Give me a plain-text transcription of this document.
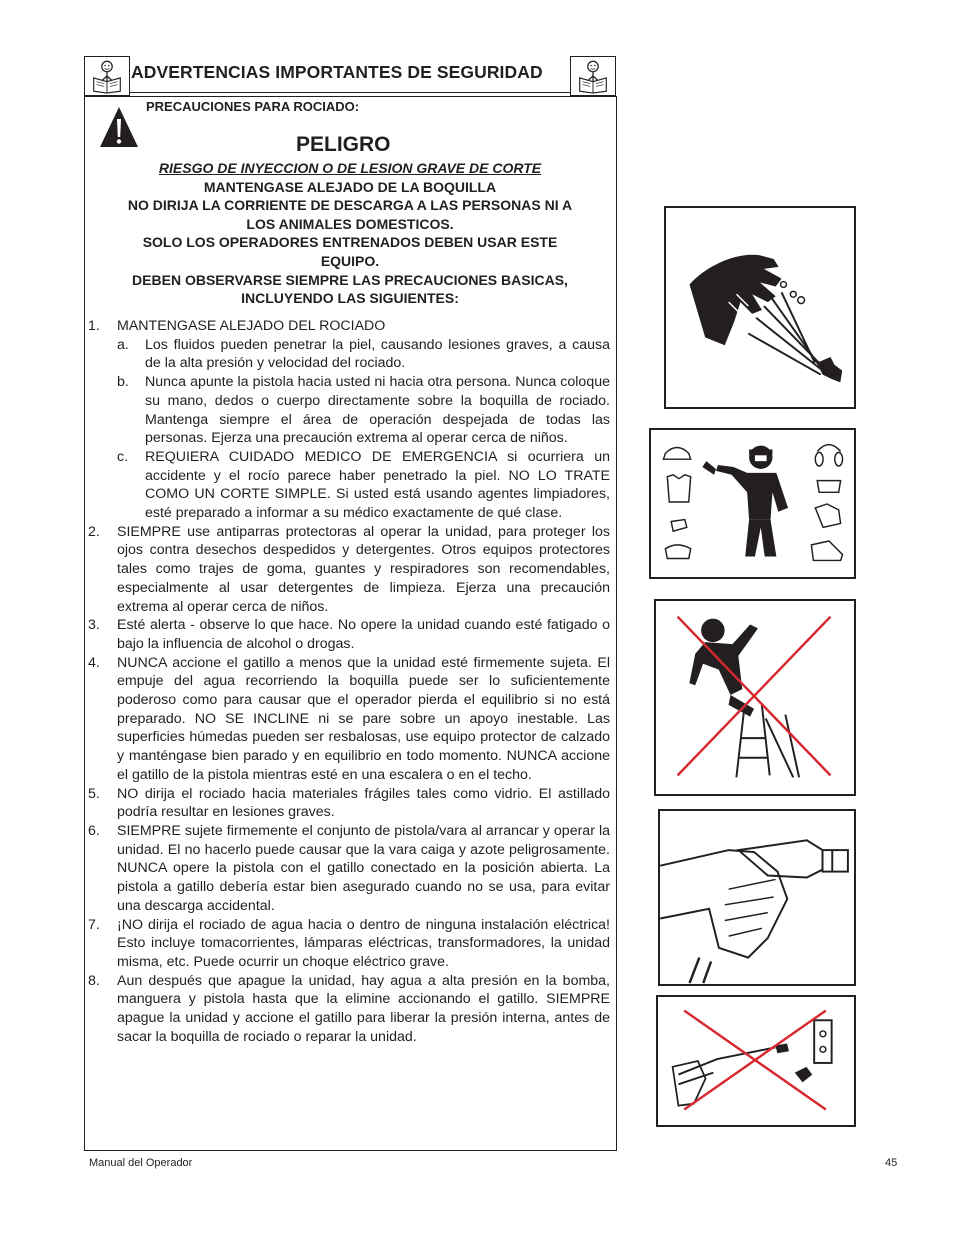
ADVERTENCIAS IMPORTANTES DE SEGURIDAD
PRECAUCIONES PARA ROCIADO:
PELIGRO
RIESGO DE INYECCION O DE LESION GRAVE DE CORTE
MANTENGASE ALEJADO DE LA BOQUILLA
NO DIRIJA LA CORRIENTE DE DESCARGA A LAS PERSONAS NI A
LOS ANIMALES DOMESTICOS.
SOLO LOS OPERADORES ENTRENADOS DEBEN USAR ESTE
EQUIPO.
DEBEN OBSERVARSE SIEMPRE LAS PRECAUCIONES BASICAS,
INCLUYENDO LAS SIGUIENTES:
1.	MANTENGASE ALEJADO DEL ROCIADO
a.	Los fluidos pueden penetrar la piel, causando lesiones graves, a causa de la alta presión y velocidad del rociado.
b.	Nunca apunte la pistola hacia usted ni hacia otra persona. Nunca coloque su mano, dedos o cuerpo directamente sobre la boquilla de rociado. Mantenga siempre el área de operación despejada de todas las personas. Ejerza una precaución extrema al operar cerca de niños.
c.	REQUIERA CUIDADO MEDICO DE EMERGENCIA si ocurriera un accidente y el rocío parece haber penetrado la piel. NO LO TRATE COMO UN CORTE SIMPLE. Si usted está usando agentes limpiadores, esté preparado a informar a su médico exactamente de qué clase.
2.	SIEMPRE use antiparras protectoras al operar la unidad, para proteger los ojos contra desechos despedidos y detergentes. Otros equipos protectores tales como trajes de goma, guantes y respiradores son recomendables, especialmente al usar detergentes de limpieza. Ejerza una precaución extrema al operar cerca de niños.
3.	Esté alerta - observe lo que hace. No opere la unidad cuando esté fatigado o bajo la influencia de alcohol o drogas.
4.	NUNCA accione el gatillo a menos que la unidad esté firmemente sujeta. El empuje del agua recorriendo la boquilla puede ser lo suficientemente poderoso como para causar que el operador pierda el equilibrio si no está preparado. NO SE INCLINE ni se pare sobre un apoyo inestable. Las superficies húmedas pueden ser resbalosas, use equipo protector de calzado y manténgase bien parado y en equilibrio en todo momento. NUNCA accione el gatillo de la pistola mientras esté en una escalera o en el techo.
5.	NO dirija el rociado hacia materiales frágiles tales como vidrio. El astillado podría resultar en lesiones graves.
6.	SIEMPRE sujete firmemente el conjunto de pistola/vara al arrancar y operar la unidad. El no hacerlo puede causar que la vara caiga y azote peligrosamente. NUNCA opere la pistola con el gatillo conectado en la posición abierta. La pistola a gatillo debería estar bien asegurado cuando no se usa, para evitar una descarga accidental.
7.	¡NO dirija el rociado de agua hacia o dentro de ninguna instalación eléctrica! Esto incluye tomacorrientes, lámparas eléctricas, transformadores, la unidad misma, etc. Puede ocurrir un choque eléctrico grave.
8.	Aun después que apague la unidad, hay agua a alta presión en la bomba, manguera y pistola hasta que la elimine accionando el gatillo. SIEMPRE apague la unidad y accione el gatillo para liberar la presión interna, antes de sacar la boquilla de rociado o reparar la unidad.
Manual del Operador	45
